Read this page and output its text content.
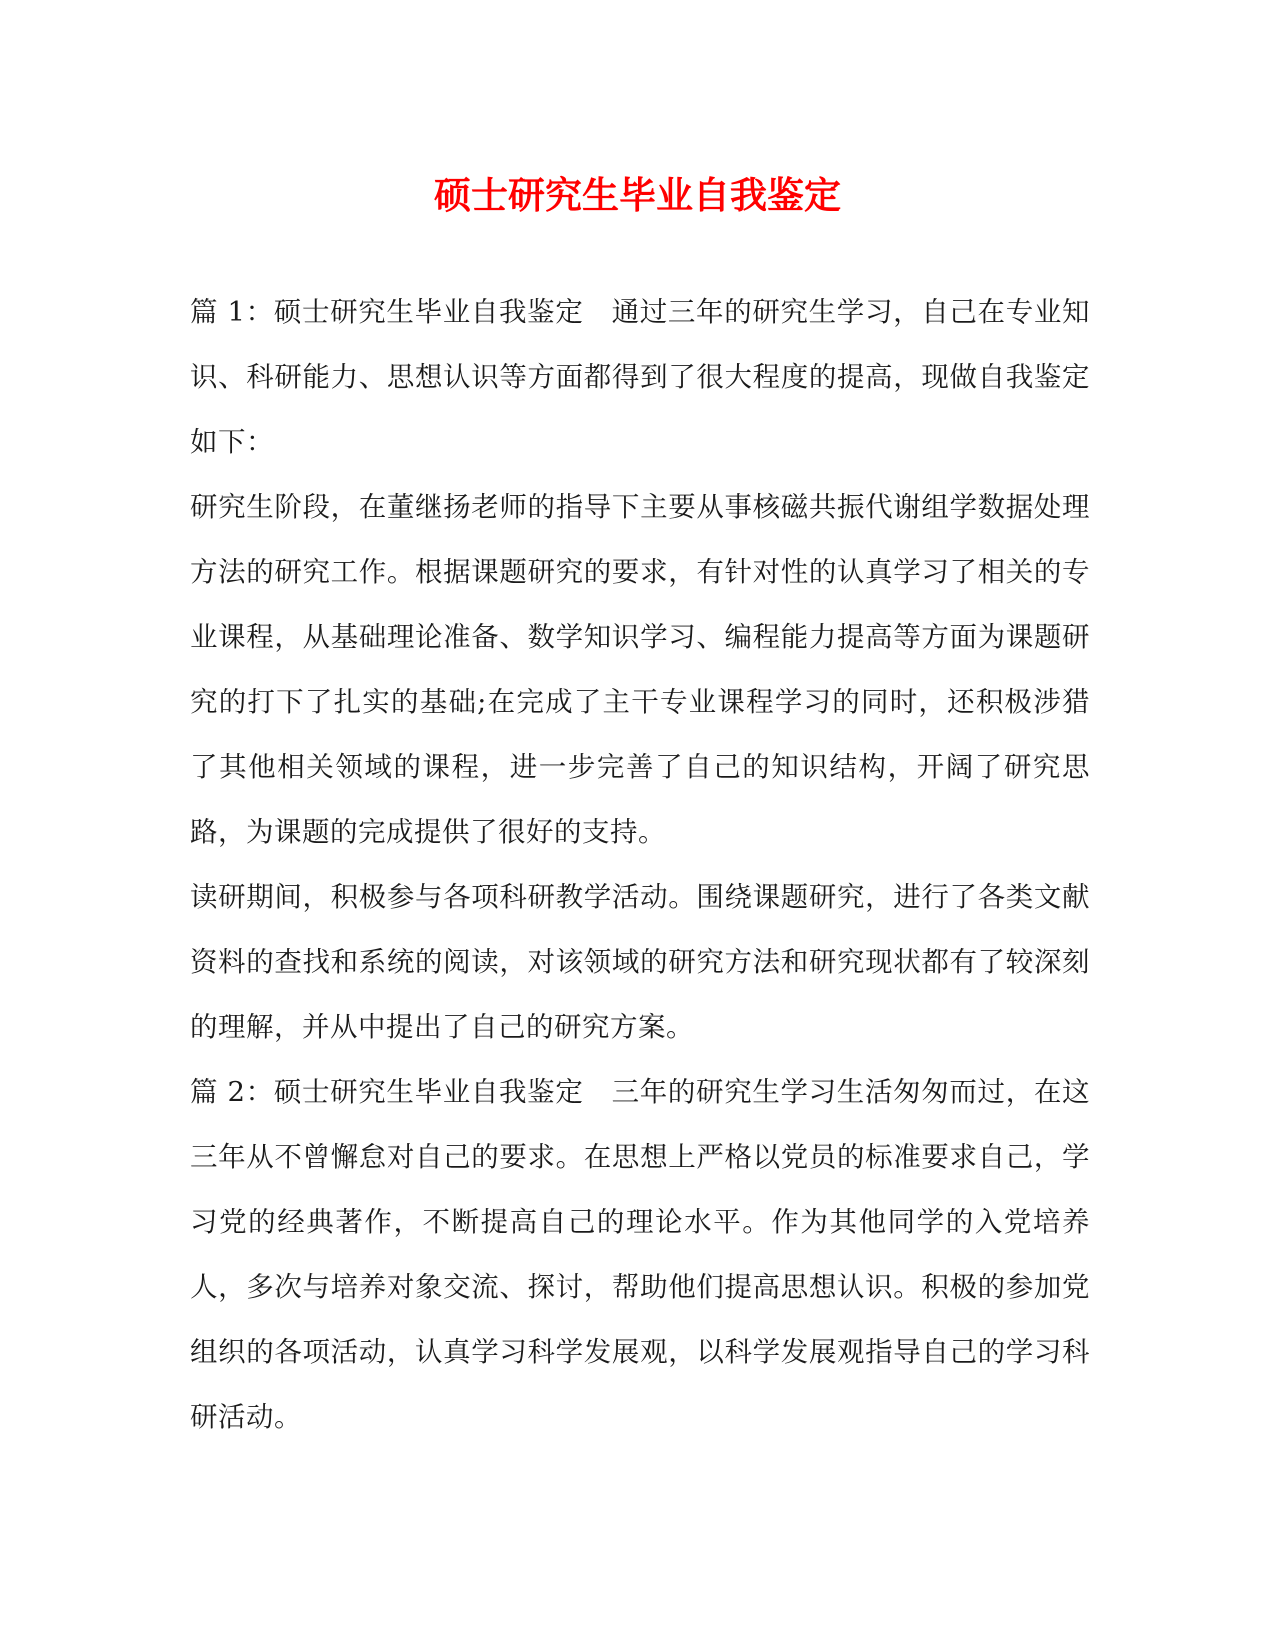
硕士研究生毕业自我鉴定

篇 1：硕士研究生毕业自我鉴定　通过三年的研究生学习，自己在专业知识、科研能力、思想认识等方面都得到了很大程度的提高，现做自我鉴定如下：

研究生阶段，在董继扬老师的指导下主要从事核磁共振代谢组学数据处理方法的研究工作。根据课题研究的要求，有针对性的认真学习了相关的专业课程，从基础理论准备、数学知识学习、编程能力提高等方面为课题研究的打下了扎实的基础;在完成了主干专业课程学习的同时，还积极涉猎了其他相关领域的课程，进一步完善了自己的知识结构，开阔了研究思路，为课题的完成提供了很好的支持。

读研期间，积极参与各项科研教学活动。围绕课题研究，进行了各类文献资料的查找和系统的阅读，对该领域的研究方法和研究现状都有了较深刻的理解，并从中提出了自己的研究方案。

篇 2：硕士研究生毕业自我鉴定　三年的研究生学习生活匆匆而过，在这三年从不曾懈怠对自己的要求。在思想上严格以党员的标准要求自己，学习党的经典著作，不断提高自己的理论水平。作为其他同学的入党培养人，多次与培养对象交流、探讨，帮助他们提高思想认识。积极的参加党组织的各项活动，认真学习科学发展观，以科学发展观指导自己的学习科研活动。
